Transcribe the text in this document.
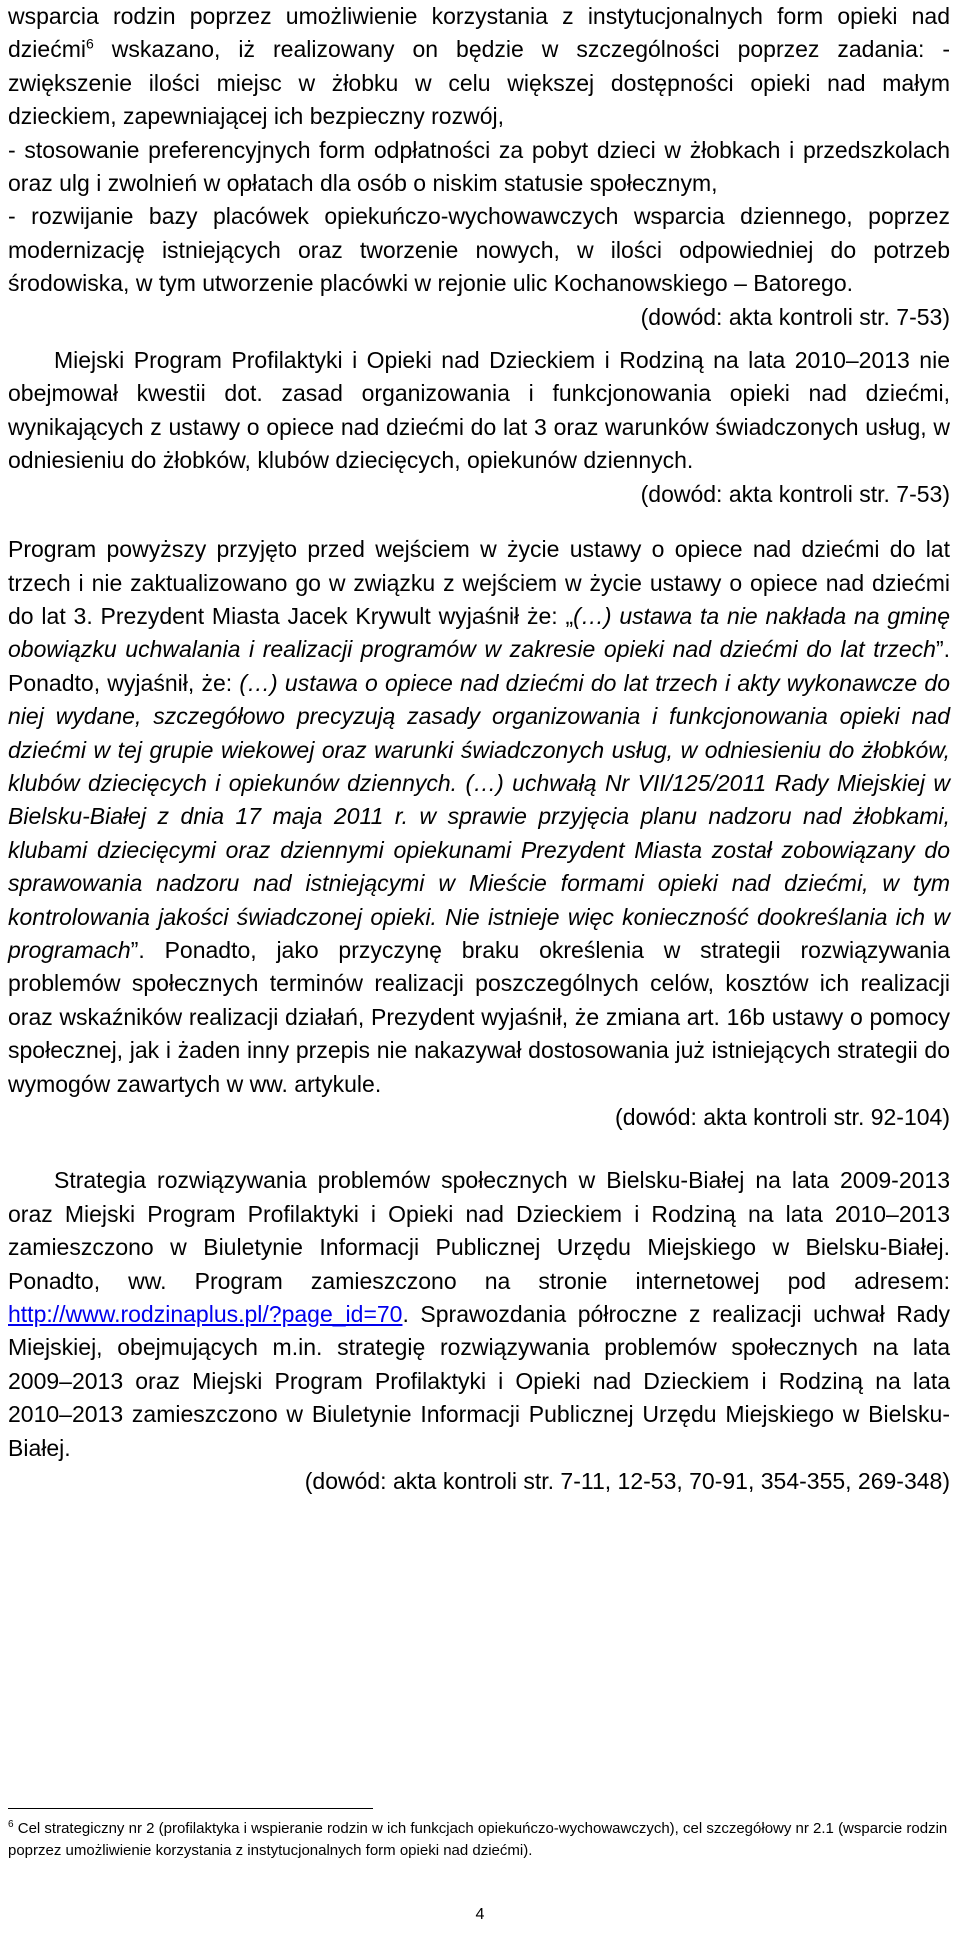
wsparcia rodzin poprzez umożliwienie korzystania z instytucjonalnych form opieki nad dziećmi$^6$ wskazano, iż realizowany on będzie w szczególności poprzez zadania: - zwiększenie ilości miejsc w żłobku w celu większej dostępności opieki nad małym dzieckiem, zapewniającej ich bezpieczny rozwój,

- stosowanie preferencyjnych form odpłatności za pobyt dzieci w żłobkach i przedszkolach oraz ulg i zwolnień w opłatach dla osób o niskim statusie społecznym,

- rozwijanie bazy placówek opiekuńczo-wychowawczych wsparcia dziennego, poprzez modernizację istniejących oraz tworzenie nowych, w ilości odpowiedniej do potrzeb środowiska, w tym utworzenie placówki w rejonie ulic Kochanowskiego – Batorego.

(dowód: akta kontroli str. 7-53)

Miejski Program Profilaktyki i Opieki nad Dzieckiem i Rodziną na lata 2010–2013 nie obejmował kwestii dot. zasad organizowania i funkcjonowania opieki nad dziećmi, wynikających z ustawy o opiece nad dziećmi do lat 3 oraz warunków świadczonych usług, w odniesieniu do żłobków, klubów dziecięcych, opiekunów dziennych.

(dowód: akta kontroli str. 7-53)

Program powyższy przyjęto przed wejściem w życie ustawy o opiece nad dziećmi do lat trzech i nie zaktualizowano go w związku z wejściem w życie ustawy o opiece nad dziećmi do lat 3. Prezydent Miasta Jacek Krywult wyjaśnił że: „(…) ustawa ta nie nakłada na gminę obowiązku uchwalania i realizacji programów w zakresie opieki nad dziećmi do lat trzech”. Ponadto, wyjaśnił, że: (…) ustawa o opiece nad dziećmi do lat trzech i akty wykonawcze do niej wydane, szczegółowo precyzują zasady organizowania i funkcjonowania opieki nad dziećmi w tej grupie wiekowej oraz warunki świadczonych usług, w odniesieniu do żłobków, klubów dziecięcych i opiekunów dziennych. (…) uchwałą Nr VII/125/2011 Rady Miejskiej w Bielsku-Białej z dnia 17 maja 2011 r. w sprawie przyjęcia planu nadzoru nad żłobkami, klubami dziecięcymi oraz dziennymi opiekunami Prezydent Miasta został zobowiązany do sprawowania nadzoru nad istniejącymi w Mieście formami opieki nad dziećmi, w tym kontrolowania jakości świadczonej opieki. Nie istnieje więc konieczność dookreślania ich w programach”. Ponadto, jako przyczynę braku określenia w strategii rozwiązywania problemów społecznych terminów realizacji poszczególnych celów, kosztów ich realizacji oraz wskaźników realizacji działań, Prezydent wyjaśnił, że zmiana art. 16b ustawy o pomocy społecznej, jak i żaden inny przepis nie nakazywał dostosowania już istniejących strategii do wymogów zawartych w ww. artykule.

(dowód: akta kontroli str. 92-104)

Strategia rozwiązywania problemów społecznych w Bielsku-Białej na lata 2009-2013 oraz Miejski Program Profilaktyki i Opieki nad Dzieckiem i Rodziną na lata 2010–2013 zamieszczono w Biuletynie Informacji Publicznej Urzędu Miejskiego w Bielsku-Białej. Ponadto, ww. Program zamieszczono na stronie internetowej pod adresem: http://www.rodzinaplus.pl/?page_id=70. Sprawozdania półroczne z realizacji uchwał Rady Miejskiej, obejmujących m.in. strategię rozwiązywania problemów społecznych na lata 2009–2013 oraz Miejski Program Profilaktyki i Opieki nad Dzieckiem i Rodziną na lata 2010–2013 zamieszczono w Biuletynie Informacji Publicznej Urzędu Miejskiego w Bielsku-Białej.

(dowód: akta kontroli str. 7-11, 12-53, 70-91, 354-355, 269-348)

$^6$ Cel strategiczny nr 2 (profilaktyka i wspieranie rodzin w ich funkcjach opiekuńczo-wychowawczych), cel szczegółowy nr 2.1 (wsparcie rodzin poprzez umożliwienie korzystania z instytucjonalnych form opieki nad dziećmi).

4
